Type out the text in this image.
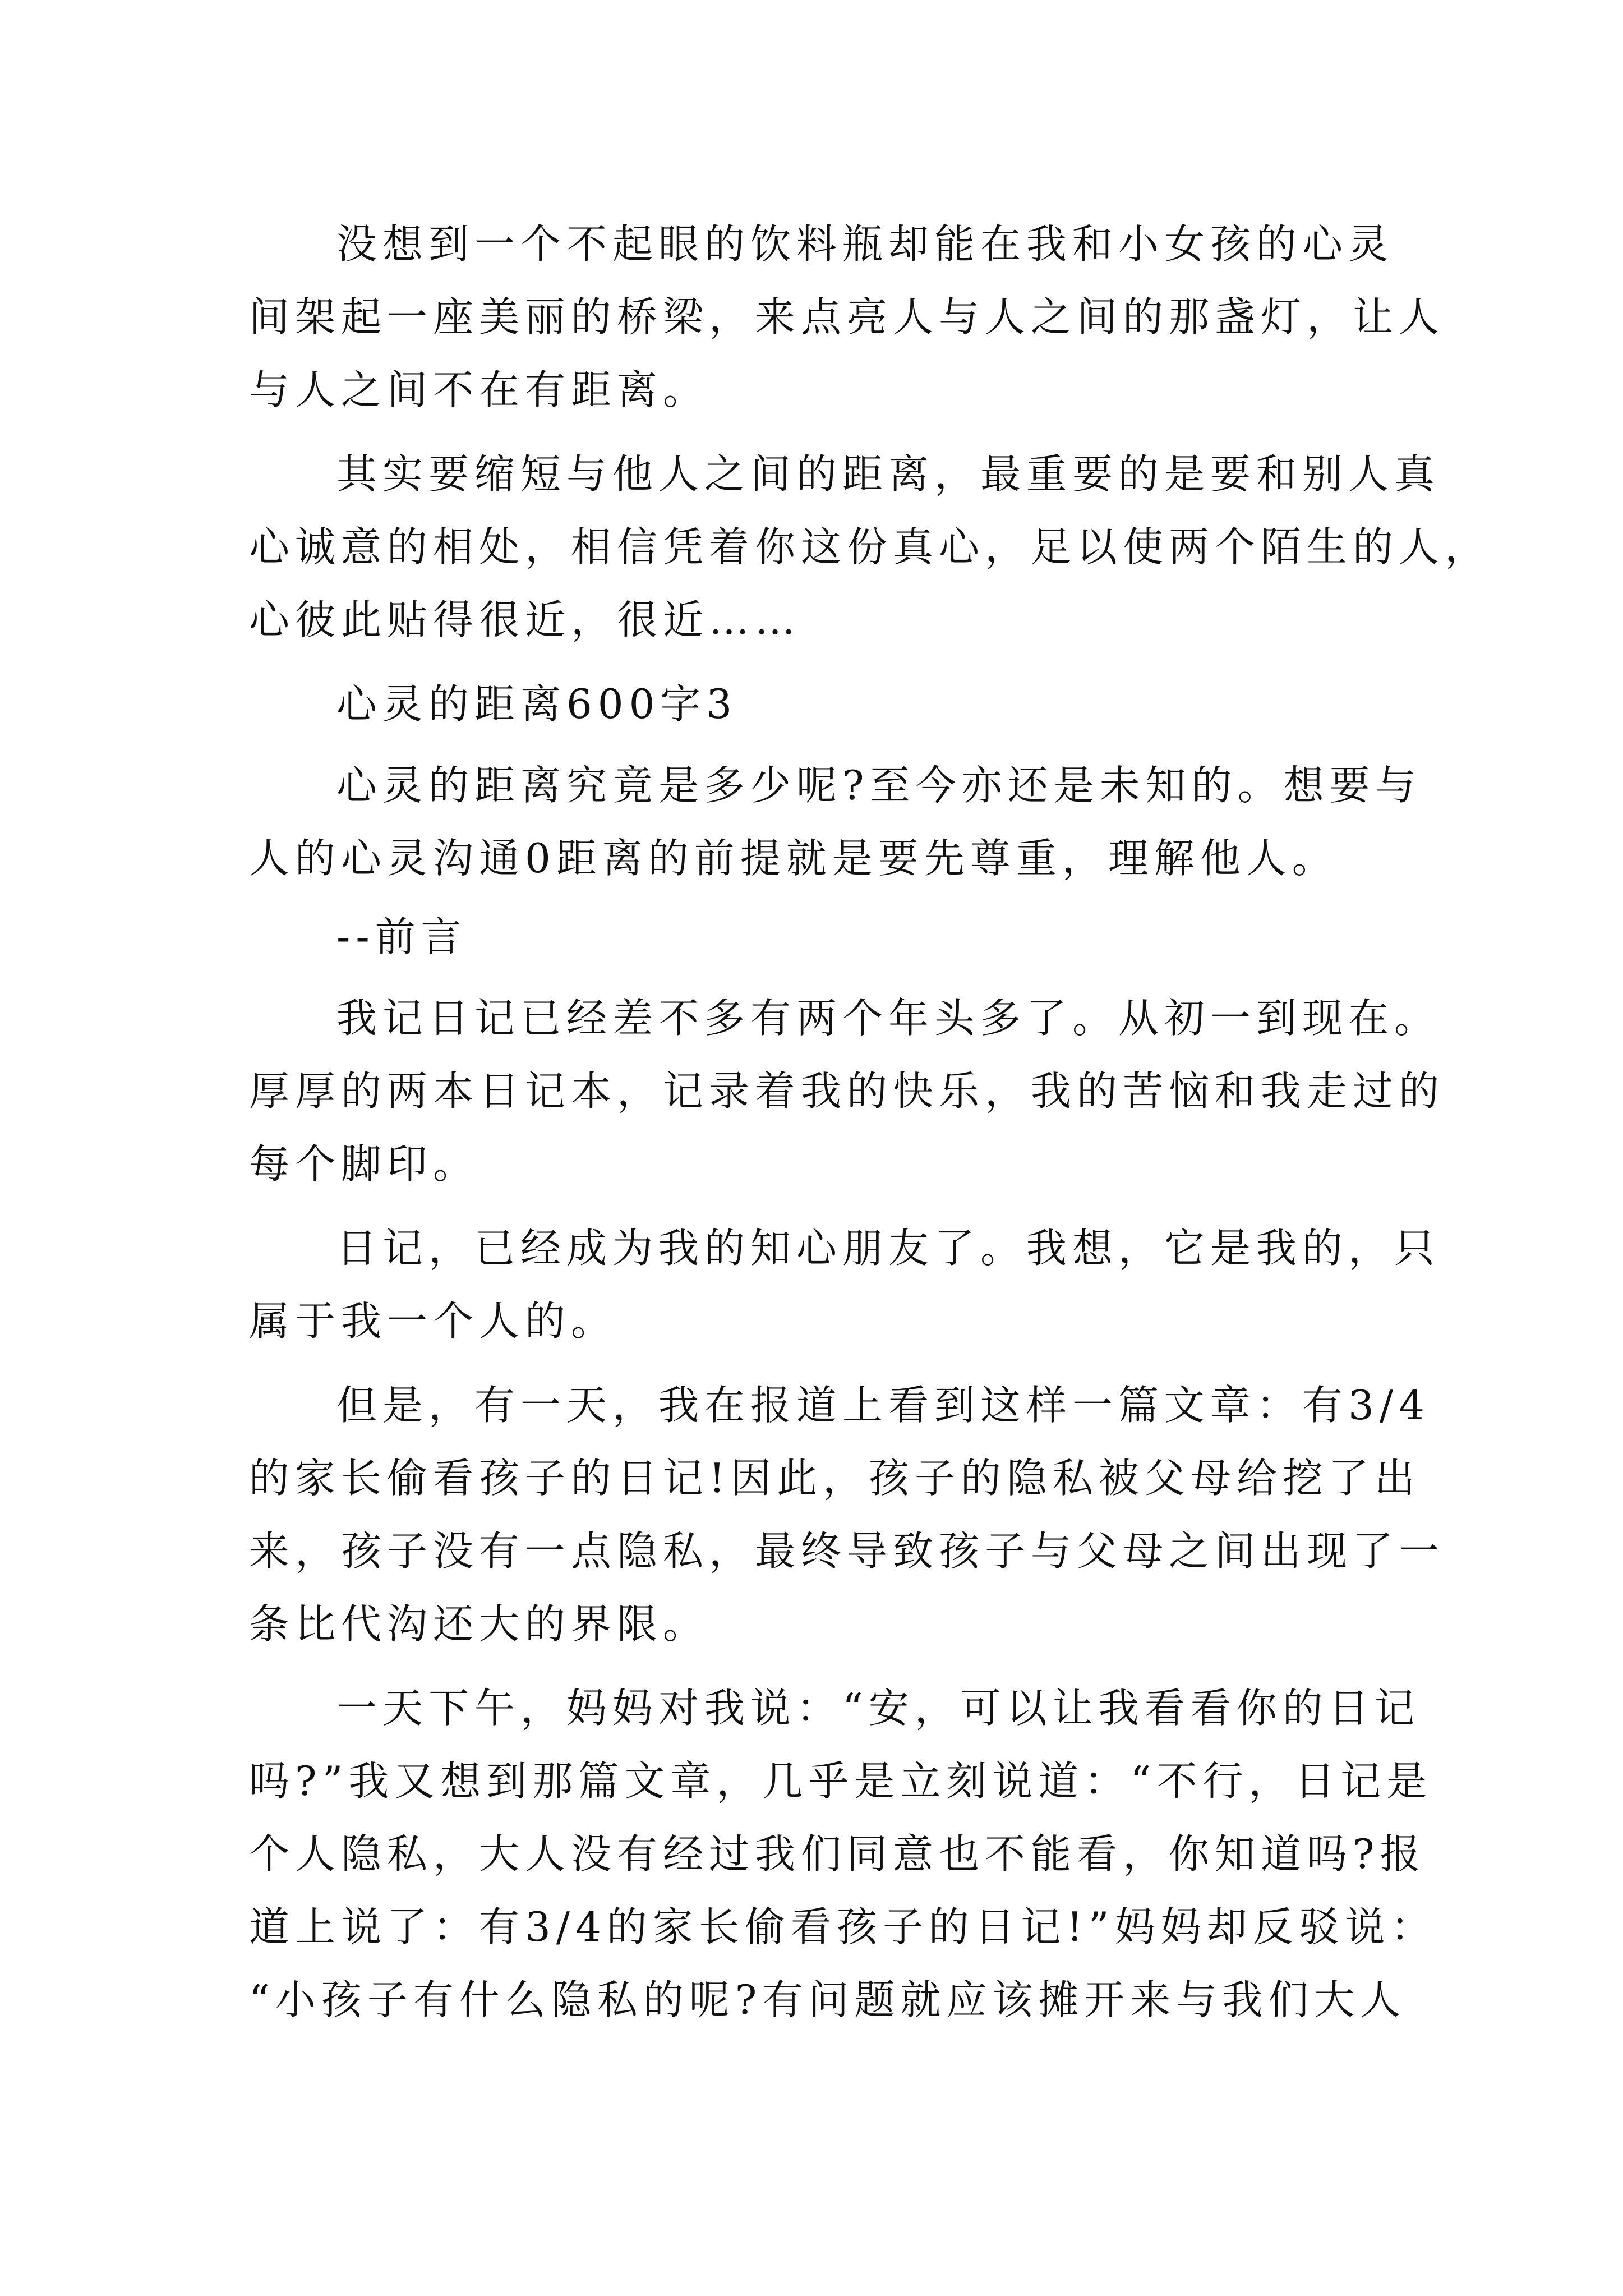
没想到一个不起眼的饮料瓶却能在我和小女孩的心灵
间架起一座美丽的桥梁，来点亮人与人之间的那盏灯，让人
与人之间不在有距离。
其实要缩短与他人之间的距离，最重要的是要和别人真
心诚意的相处，相信凭着你这份真心，足以使两个陌生的人，
心彼此贴得很近，很近……
心灵的距离600字3
心灵的距离究竟是多少呢?至今亦还是未知的。想要与
人的心灵沟通0距离的前提就是要先尊重，理解他人。
--前言
我记日记已经差不多有两个年头多了。从初一到现在。
厚厚的两本日记本，记录着我的快乐，我的苦恼和我走过的
每个脚印。
日记，已经成为我的知心朋友了。我想，它是我的，只
属于我一个人的。
但是，有一天，我在报道上看到这样一篇文章：有3/4
的家长偷看孩子的日记!因此，孩子的隐私被父母给挖了出
来，孩子没有一点隐私，最终导致孩子与父母之间出现了一
条比代沟还大的界限。
一天下午，妈妈对我说：“安，可以让我看看你的日记
吗?”我又想到那篇文章，几乎是立刻说道：“不行，日记是
个人隐私，大人没有经过我们同意也不能看，你知道吗?报
道上说了：有3/4的家长偷看孩子的日记!”妈妈却反驳说：
“小孩子有什么隐私的呢?有问题就应该摊开来与我们大人
